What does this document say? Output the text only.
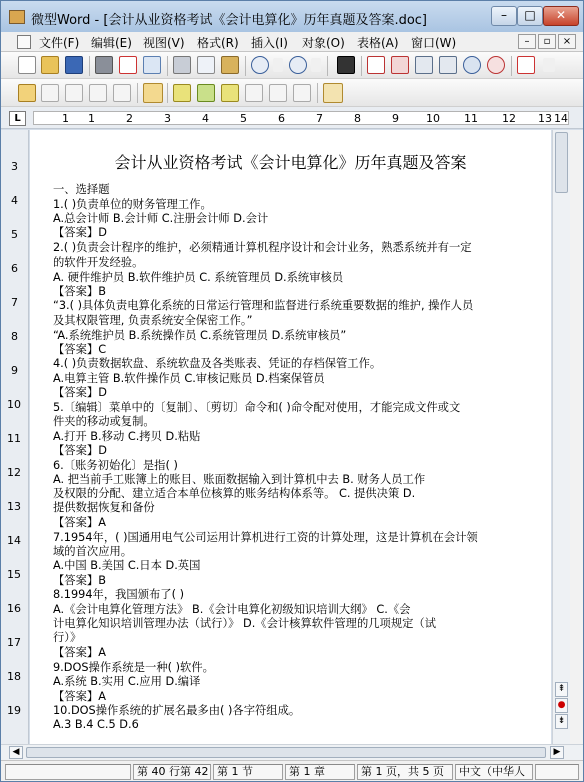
微型Word - [会计从业资格考试《会计电算化》历年真题及答案.doc]	–	□	✕
文件(F) 编辑(E) 视图(V) 格式(R) 插入(I) 对象(O) 表格(A) 窗口(W)	–	▫	×
L	1 1	2	3	4	5	6	7	8	9 10 11 12 13 14
3
4
5
6
7
8
9
10
11
12
13
14
15
16
17
18
19
会计从业资格考试《会计电算化》历年真题及答案
一、选择题
1.( )负责单位的财务管理工作。
A.总会计师 B.会计师 C.注册会计师 D.会计
【答案】D
2.( )负责会计程序的维护，必须精通计算机程序设计和会计业务，熟悉系统并有一定
的软件开发经验。
A. 硬件维护员 B.软件维护员 C. 系统管理员 D.系统审核员
【答案】B
“3.( )具体负责电算化系统的日常运行管理和监督进行系统重要数据的维护, 操作人员
及其权限管理, 负责系统安全保密工作。”
“A.系统维护员 B.系统操作员 C.系统管理员 D.系统审核员”
【答案】C
4.( )负责数据软盘、系统软盘及各类账表、凭证的存档保管工作。
A.电算主管 B.软件操作员 C.审核记账员 D.档案保管员
【答案】D
5.〔编辑〕菜单中的〔复制〕、〔剪切〕命令和( )命令配对使用，才能完成文件或文
件夹的移动或复制。
A.打开 B.移动 C.拷贝 D.粘贴
【答案】D
6.〔账务初始化〕是指( )
A. 把当前手工账簿上的账目、账面数据输入到计算机中去 B. 财务人员工作
及权限的分配、建立适合本单位核算的账务结构体系等。 C. 提供决策 D.
提供数据恢复和备份
【答案】A
7.1954年，( )国通用电气公司运用计算机进行工资的计算处理，这是计算机在会计领
域的首次应用。
A.中国 B.美国 C.日本 D.英国
【答案】B
8.1994年，我国颁布了( )
A.《会计电算化管理方法》 B.《会计电算化初级知识培训大纲》 C.《会
计电算化知识培训管理办法（试行）》 D.《会计核算软件管理的几项规定（试
行）》
【答案】A
9.DOS操作系统是一种( )软件。
A.系统 B.实用 C.应用 D.编译
【答案】A
10.DOS操作系统的扩展名最多由( )各字符组成。
A.3 B.4 C.5 D.6
⇞
●
⇟
◀	▶
第 40 行第 42 第 1 节	第 1 章	第 1 页，共 5 页	中文（中华人
